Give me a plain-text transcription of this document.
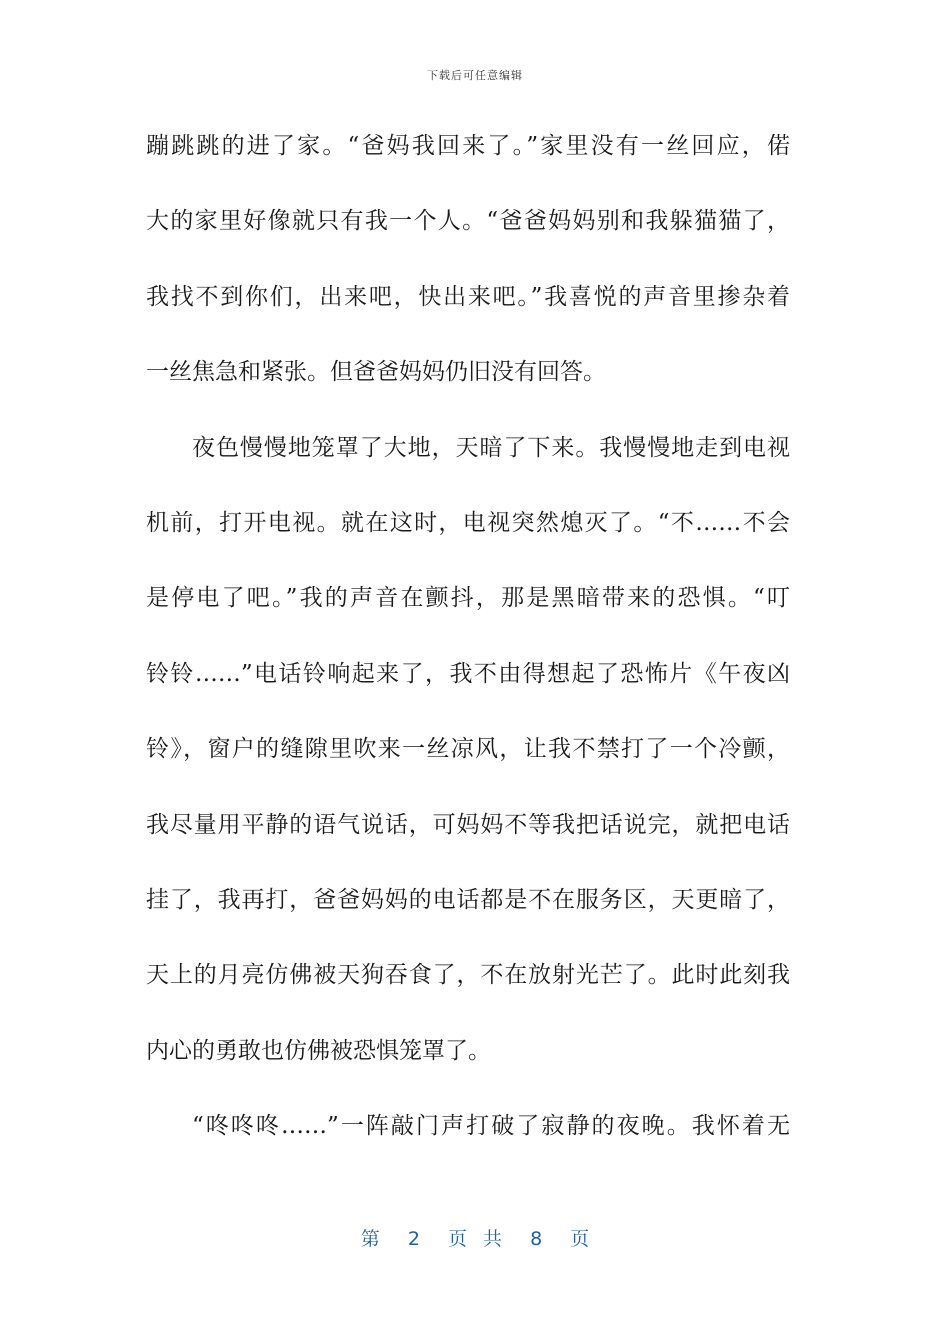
下载后可任意编辑
蹦跳跳的进了家。“爸妈我回来了。”家里没有一丝回应，偌
大的家里好像就只有我一个人。“爸爸妈妈别和我躲猫猫了，
我找不到你们，出来吧，快出来吧。”我喜悦的声音里掺杂着
一丝焦急和紧张。但爸爸妈妈仍旧没有回答。
夜色慢慢地笼罩了大地，天暗了下来。我慢慢地走到电视
机前，打开电视。就在这时，电视突然熄灭了。“不……不会
是停电了吧。”我的声音在颤抖，那是黑暗带来的恐惧。“叮
铃铃……”电话铃响起来了，我不由得想起了恐怖片《午夜凶
铃》，窗户的缝隙里吹来一丝凉风，让我不禁打了一个冷颤，
我尽量用平静的语气说话，可妈妈不等我把话说完，就把电话
挂了，我再打，爸爸妈妈的电话都是不在服务区，天更暗了，
天上的月亮仿佛被天狗吞食了，不在放射光芒了。此时此刻我
内心的勇敢也仿佛被恐惧笼罩了。
“咚咚咚……”一阵敲门声打破了寂静的夜晚。我怀着无
第 2 页 共 8 页
